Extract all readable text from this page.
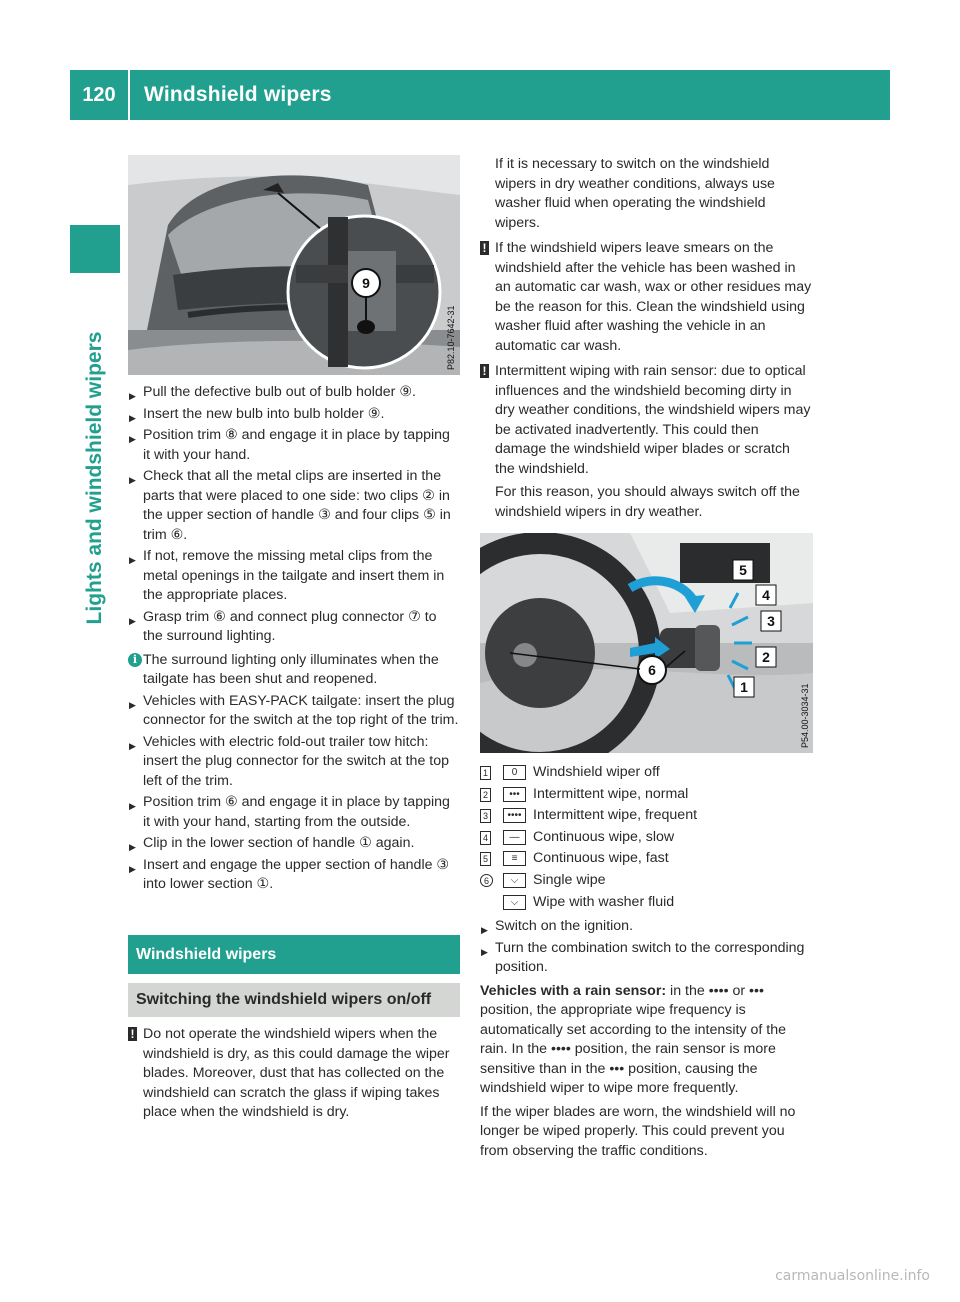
120	Windshield wipers
Lights and windshield wipers
9
P82.10-7642-31
▶ Pull the defective bulb out of bulb holder ⑨.
▶ Insert the new bulb into bulb holder ⑨.
▶ Position trim ⑧ and engage it in place by tapping it with your hand.
▶ Check that all the metal clips are inserted in the parts that were placed to one side: two clips ② in the upper section of handle ③ and four clips ⑤ in trim ⑥.
▶ If not, remove the missing metal clips from the metal openings in the tailgate and insert them in the appropriate places.
▶ Grasp trim ⑥ and connect plug connector ⑦ to the surround lighting.
i The surround lighting only illuminates when the tailgate has been shut and reopened.
▶ Vehicles with EASY-PACK tailgate: insert the plug connector for the switch at the top right of the trim.
▶ Vehicles with electric fold-out trailer tow hitch: insert the plug connector for the switch at the top left of the trim.
▶ Position trim ⑥ and engage it in place by tapping it with your hand, starting from the outside.
▶ Clip in the lower section of handle ① again.
▶ Insert and engage the upper section of handle ③ into lower section ①.
Windshield wipers
Switching the windshield wipers on/off
! Do not operate the windshield wipers when the windshield is dry, as this could damage the wiper blades. Moreover, dust that has collected on the windshield can scratch the glass if wiping takes place when the windshield is dry.
If it is necessary to switch on the windshield wipers in dry weather conditions, always use washer fluid when operating the windshield wipers.
! If the windshield wipers leave smears on the windshield after the vehicle has been washed in an automatic car wash, wax or other residues may be the reason for this. Clean the windshield using washer fluid after washing the vehicle in an automatic car wash.
! Intermittent wiping with rain sensor: due to optical influences and the windshield becoming dirty in dry weather conditions, the windshield wipers may be activated inadvertently. This could then damage the windshield wiper blades or scratch the windshield.
For this reason, you should always switch off the windshield wipers in dry weather.
5
4
3
2
1
6
P54.00-3034-31
1	0	Windshield wiper off
2	••• Intermittent wipe, normal
3	•••• Intermittent wipe, frequent
4	— Continuous wipe, slow
5	≡	Continuous wipe, fast
6	⌵	Single wipe
⌵	Wipe with washer fluid
▶ Switch on the ignition.
▶ Turn the combination switch to the corresponding position.
Vehicles with a rain sensor: in the •••• or ••• position, the appropriate wipe frequency is automatically set according to the intensity of the rain. In the •••• position, the rain sensor is more sensitive than in the ••• position, causing the windshield wiper to wipe more frequently.
If the wiper blades are worn, the windshield will no longer be wiped properly. This could prevent you from observing the traffic conditions.
carmanualsonline.info
